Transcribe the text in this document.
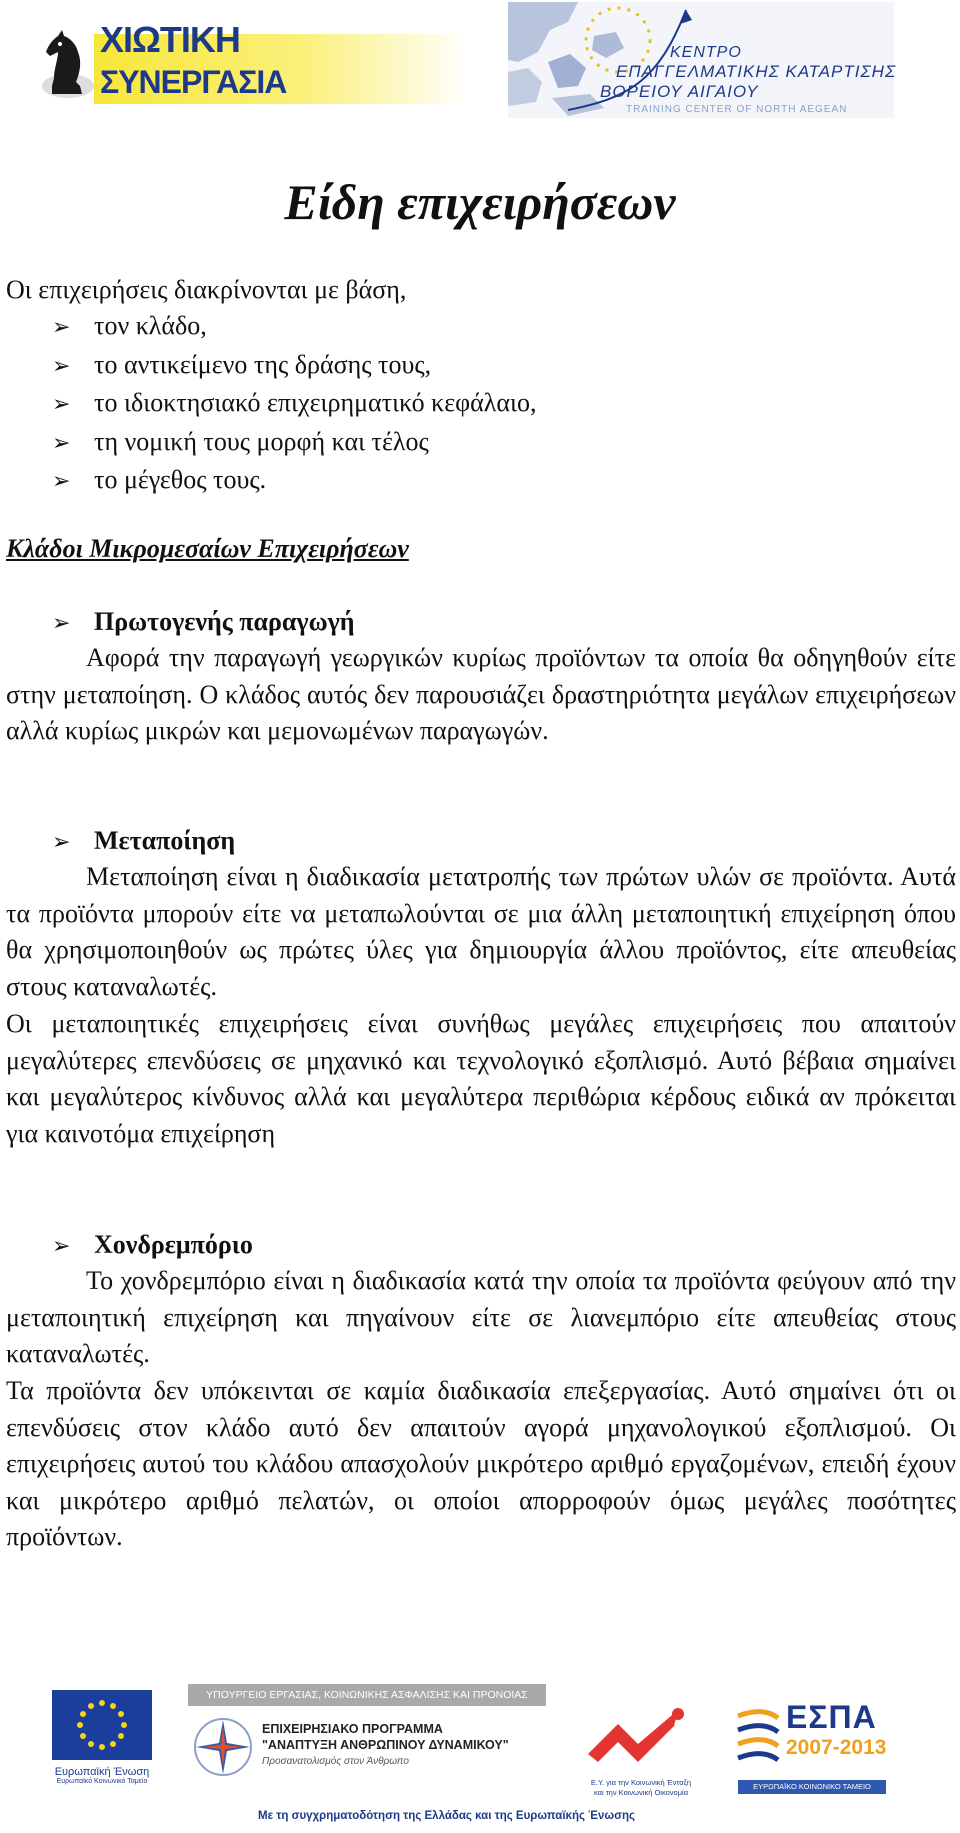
ΧΙΩΤΙΚΗ
ΣΥΝΕΡΓΑΣΙΑ
ΚΕΝΤΡΟ
ΕΠΑΓΓΕΛΜΑΤΙΚΗΣ ΚΑΤΑΡΤΙΣΗΣ
ΒΟΡΕΙΟΥ ΑΙΓΑΙΟΥ
TRAINING CENTER OF NORTH AEGEAN
Είδη επιχειρήσεων

Οι επιχειρήσεις διακρίνονται με βάση,

➢ τον κλάδο,
➢ το αντικείμενο της δράσης τους,
➢ το ιδιοκτησιακό επιχειρηματικό κεφάλαιο,
➢ τη νομική τους μορφή και τέλος
➢ το μέγεθος τους.
Κλάδοι Μικρομεσαίων Επιχειρήσεων
➢ Πρωτογενής παραγωγή

Αφορά την παραγωγή γεωργικών κυρίως προϊόντων τα οποία θα οδηγηθούν είτε στην μεταποίηση. Ο κλάδος αυτός δεν παρουσιάζει δραστηριότητα μεγάλων επιχειρήσεων αλλά κυρίως μικρών και μεμονωμένων παραγωγών.

➢ Μεταποίηση

Μεταποίηση είναι η διαδικασία μετατροπής των πρώτων υλών σε προϊόντα. Αυτά τα προϊόντα μπορούν είτε να μεταπωλούνται σε μια άλλη μεταποιητική επιχείρηση όπου θα χρησιμοποιηθούν ως πρώτες ύλες για δημιουργία άλλου προϊόντος, είτε απευθείας στους καταναλωτές.

Οι μεταποιητικές επιχειρήσεις είναι συνήθως μεγάλες επιχειρήσεις που απαιτούν μεγαλύτερες επενδύσεις σε μηχανικό και τεχνολογικό εξοπλισμό. Αυτό βέβαια σημαίνει και μεγαλύτερος κίνδυνος αλλά και μεγαλύτερα περιθώρια κέρδους ειδικά αν πρόκειται για καινοτόμα επιχείρηση

➢ Χονδρεμπόριο

Το χονδρεμπόριο είναι η διαδικασία κατά την οποία τα προϊόντα φεύγουν από την μεταποιητική επιχείρηση και πηγαίνουν είτε σε λιανεμπόριο είτε απευθείας στους καταναλωτές.

Τα προϊόντα δεν υπόκεινται σε καμία διαδικασία επεξεργασίας. Αυτό σημαίνει ότι οι επενδύσεις στον κλάδο αυτό δεν απαιτούν αγορά μηχανολογικού εξοπλισμού. Οι επιχειρήσεις αυτού του κλάδου απασχολούν μικρότερο αριθμό εργαζομένων, επειδή έχουν και μικρότερο αριθμό πελατών, οι οποίοι απορροφούν όμως μεγάλες ποσότητες προϊόντων.

Ευρωπαϊκή Ένωση
Ευρωπαϊκό Κοινωνικό Ταμείο
ΥΠΟΥΡΓΕΙΟ ΕΡΓΑΣΙΑΣ, ΚΟΙΝΩΝΙΚΗΣ ΑΣΦΑΛΙΣΗΣ ΚΑΙ ΠΡΟΝΟΙΑΣ
ΕΠΙΧΕΙΡΗΣΙΑΚΟ ΠΡΟΓΡΑΜΜΑ
"ΑΝΑΠΤΥΞΗ ΑΝΘΡΩΠΙΝΟΥ ΔΥΝΑΜΙΚΟΥ"
Προσανατολισμός στον Άνθρωπο
Ε.Υ. για την Κοινωνική Ένταξη
και την Κοινωνική Οικονομία
ΕΣΠΑ
2007-2013
ΕΥΡΩΠΑΪΚΟ ΚΟΙΝΩΝΙΚΟ ΤΑΜΕΙΟ
Με τη συγχρηματοδότηση της Ελλάδας και της Ευρωπαϊκής Ένωσης
